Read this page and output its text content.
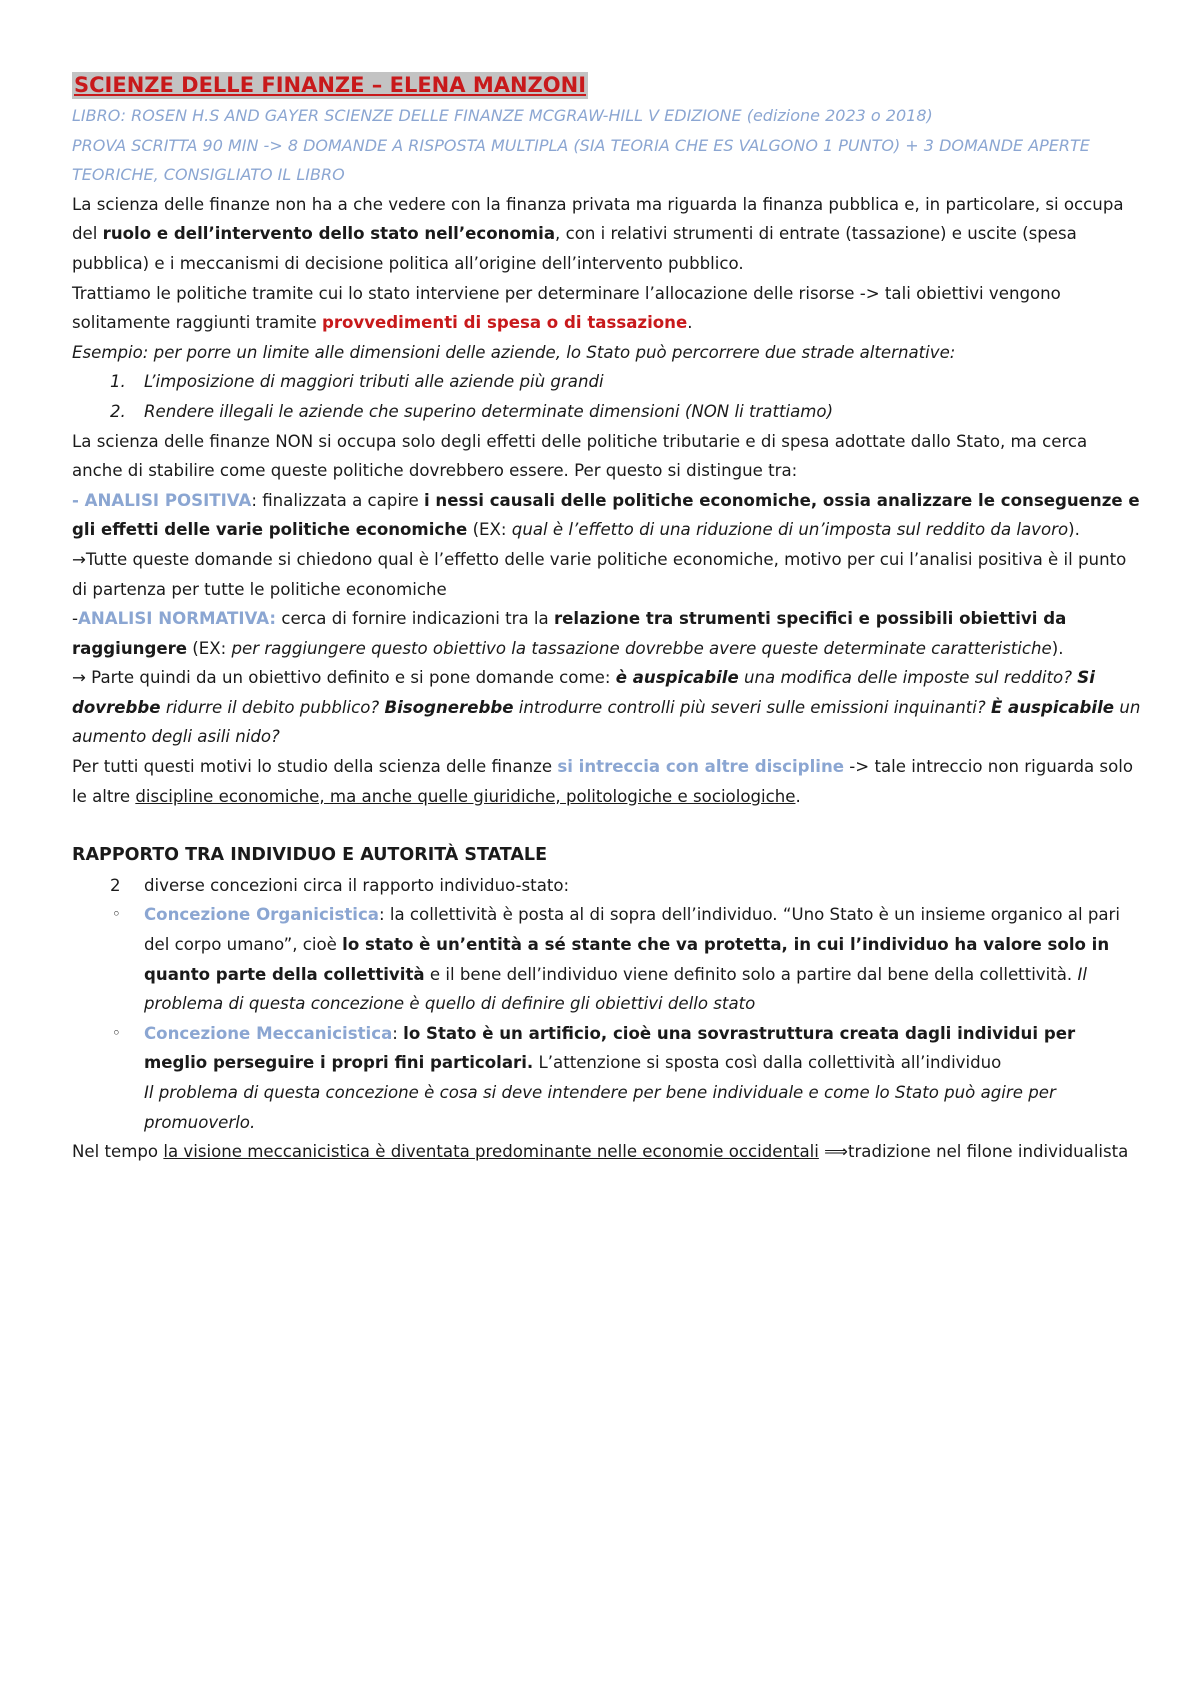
SCIENZE DELLE FINANZE – ELENA MANZONI

LIBRO: ROSEN H.S AND GAYER SCIENZE DELLE FINANZE MCGRAW-HILL V EDIZIONE (edizione 2023 o 2018)

PROVA SCRITTA 90 MIN -> 8 DOMANDE A RISPOSTA MULTIPLA (SIA TEORIA CHE ES VALGONO 1 PUNTO) + 3 DOMANDE APERTE TEORICHE, CONSIGLIATO IL LIBRO

La scienza delle finanze non ha a che vedere con la finanza privata ma riguarda la finanza pubblica e, in particolare, si occupa del ruolo e dell’intervento dello stato nell’economia, con i relativi strumenti di entrate (tassazione) e uscite (spesa pubblica) e i meccanismi di decisione politica all’origine dell’intervento pubblico.

Trattiamo le politiche tramite cui lo stato interviene per determinare l’allocazione delle risorse -> tali obiettivi vengono solitamente raggiunti tramite provvedimenti di spesa o di tassazione.

Esempio: per porre un limite alle dimensioni delle aziende, lo Stato può percorrere due strade alternative:

1. L’imposizione di maggiori tributi alle aziende più grandi
2. Rendere illegali le aziende che superino determinate dimensioni (NON li trattiamo)

La scienza delle finanze NON si occupa solo degli effetti delle politiche tributarie e di spesa adottate dallo Stato, ma cerca anche di stabilire come queste politiche dovrebbero essere. Per questo si distingue tra:

- ANALISI POSITIVA: finalizzata a capire i nessi causali delle politiche economiche, ossia analizzare le conseguenze e gli effetti delle varie politiche economiche (EX: qual è l’effetto di una riduzione di un’imposta sul reddito da lavoro).

→Tutte queste domande si chiedono qual è l’effetto delle varie politiche economiche, motivo per cui l’analisi positiva è il punto di partenza per tutte le politiche economiche

-ANALISI NORMATIVA: cerca di fornire indicazioni tra la relazione tra strumenti specifici e possibili obiettivi da raggiungere (EX: per raggiungere questo obiettivo la tassazione dovrebbe avere queste determinate caratteristiche).

→ Parte quindi da un obiettivo definito e si pone domande come: è auspicabile una modifica delle imposte sul reddito? Si dovrebbe ridurre il debito pubblico? Bisognerebbe introdurre controlli più severi sulle emissioni inquinanti? È auspicabile un aumento degli asili nido?

Per tutti questi motivi lo studio della scienza delle finanze si intreccia con altre discipline -> tale intreccio non riguarda solo le altre discipline economiche, ma anche quelle giuridiche, politologiche e sociologiche.

RAPPORTO TRA INDIVIDUO E AUTORITÀ STATALE

2 diverse concezioni circa il rapporto individuo-stato:
◦ Concezione Organicistica: la collettività è posta al di sopra dell’individuo. “Uno Stato è un insieme organico al pari del corpo umano”, cioè lo stato è un’entità a sé stante che va protetta, in cui l’individuo ha valore solo in quanto parte della collettività e il bene dell’individuo viene definito solo a partire dal bene della collettività. Il problema di questa concezione è quello di definire gli obiettivi dello stato
◦ Concezione Meccanicistica: lo Stato è un artificio, cioè una sovrastruttura creata dagli individui per meglio perseguire i propri fini particolari. L’attenzione si sposta così dalla collettività all’individuo
Il problema di questa concezione è cosa si deve intendere per bene individuale e come lo Stato può agire per promuoverlo.

Nel tempo la visione meccanicistica è diventata predominante nelle economie occidentali ⟹tradizione nel filone individualista
